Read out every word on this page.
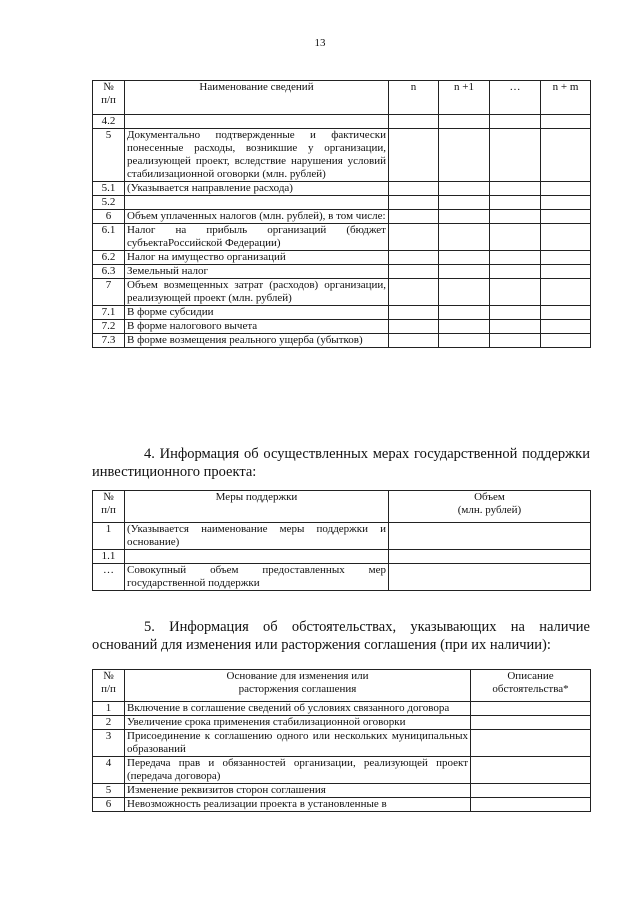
13
№
п/п	Наименование сведений	n	n +1	…	n + m
4.2					
5	Документально подтвержденные и фактически понесенные расходы, возникшие у организации, реализующей проект, вследствие нарушения условий стабилизационной оговорки (млн. рублей)				
5.1	(Указывается направление расхода)				
5.2					
6	Объем уплаченных налогов (млн. рублей), в том числе:				
6.1	Налог на прибыль организаций (бюджет субъектаРоссийской Федерации)				
6.2	Налог на имущество организаций				
6.3	Земельный налог				
7	Объем возмещенных затрат (расходов) организации, реализующей проект (млн. рублей)				
7.1	В форме субсидии				
7.2	В форме налогового вычета				
7.3	В форме возмещения реального ущерба (убытков)				

4. Информация об осуществленных мерах государственной поддержки инвестиционного проекта:

№
п/п	Меры поддержки	Объем
(млн. рублей)
1	(Указывается наименование меры поддержки и основание)	
1.1		
…	Совокупный объем предоставленных мер государственной поддержки	

5. Информация об обстоятельствах, указывающих на наличие оснований для изменения или расторжения соглашения (при их наличии):

№
п/п	Основание для изменения или
расторжения соглашения	Описание
обстоятельства*
1	Включение в соглашение сведений об условиях связанного договора	
2	Увеличение срока применения стабилизационной оговорки	
3	Присоединение к соглашению одного или нескольких муниципальных образований	
4	Передача прав и обязанностей организации, реализующей проект (передача договора)	
5	Изменение реквизитов сторон соглашения	
6	Невозможность реализации проекта в установленные в	
